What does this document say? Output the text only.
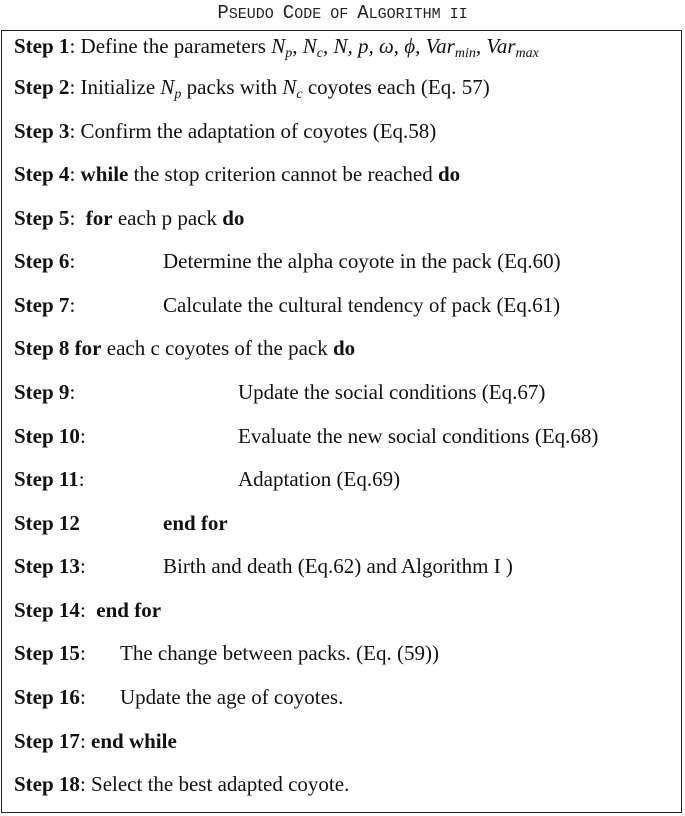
PSEUDO CODE OF ALGORITHM II
Step 1: Define the parameters $N_p$, $N_c$, N, p, ω, ϕ, Var$_{min}$, Var$_{max}$
Step 2: Initialize $N_p$ packs with $N_c$ coyotes each (Eq. 57)
Step 3: Confirm the adaptation of coyotes (Eq.58)
Step 4: while the stop criterion cannot be reached do
Step 5:  for each p pack do
Step 6:	Determine the alpha coyote in the pack (Eq.60)
Step 7:	Calculate the cultural tendency of pack (Eq.61)
Step 8 for each c coyotes of the pack do
Step 9:	Update the social conditions (Eq.67)
Step 10:	Evaluate the new social conditions (Eq.68)
Step 11:	Adaptation (Eq.69)
Step 12	end for
Step 13:	Birth and death (Eq.62) and Algorithm I )
Step 14:  end for
Step 15: The change between packs. (Eq. (59))
Step 16: Update the age of coyotes.
Step 17: end while
Step 18: Select the best adapted coyote.
